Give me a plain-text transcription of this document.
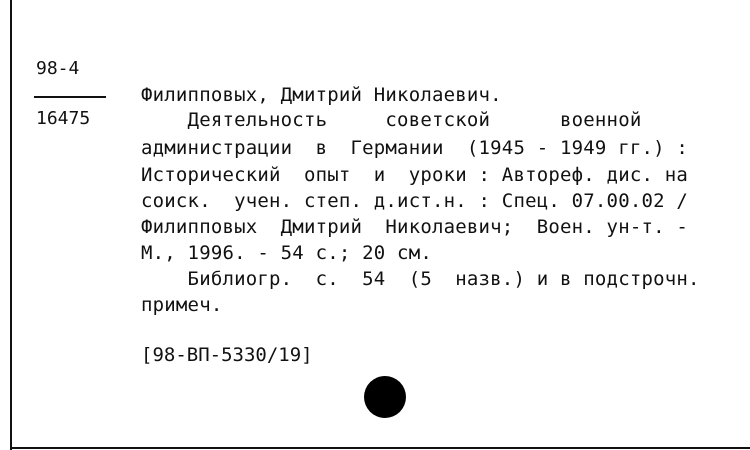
98-4
16475
Филипповых, Дмитрий Николаевич.
Деятельность     советской      военной
администрации  в  Германии  (1945 - 1949 гг.) :
Исторический  опыт  и  уроки : Автореф. дис. на
соиск.  учен. степ. д.ист.н. : Спец. 07.00.02 /
Филипповых  Дмитрий  Николаевич;  Воен. ун-т. -
М., 1996. - 54 с.; 20 см.
Библиогр.  с.  54  (5  назв.) и в подстрочн.
примеч.
[98-ВП-5330/19]
